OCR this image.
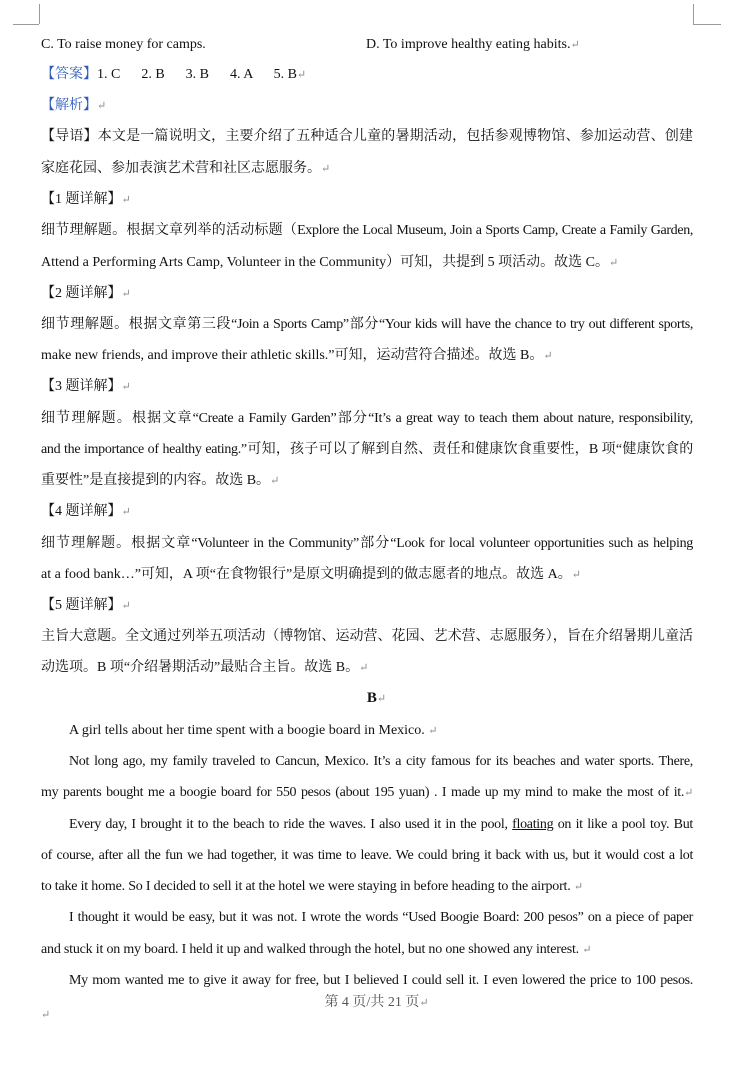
C. To raise money for camps.	D. To improve healthy eating habits.↵
【答案】1. C      2. B      3. B      4. A      5. B↵
【解析】↵
【导语】本文是一篇说明文，主要介绍了五种适合儿童的暑期活动，包括参观博物馆、参加运动营、创建
家庭花园、参加表演艺术营和社区志愿服务。↵
【1 题详解】↵
细节理解题。根据文章列举的活动标题（Explore the Local Museum, Join a Sports Camp, Create a Family Garden,
Attend a Performing Arts Camp, Volunteer in the Community）可知，共提到 5 项活动。故选 C。↵
【2 题详解】↵
细节理解题。根据文章第三段“Join a Sports Camp”部分“Your kids will have the chance to try out different sports,
make new friends, and improve their athletic skills.”可知，运动营符合描述。故选 B。↵
【3 题详解】↵
细节理解题。根据文章“Create a Family Garden”部分“It’s a great way to teach them about nature, responsibility,
and the importance of healthy eating.”可知，孩子可以了解到自然、责任和健康饮食重要性，B 项“健康饮食的
重要性”是直接提到的内容。故选 B。↵
【4 题详解】↵
细节理解题。根据文章“Volunteer in the Community”部分“Look for local volunteer opportunities such as helping
at a food bank…”可知，A 项“在食物银行”是原文明确提到的做志愿者的地点。故选 A。↵
【5 题详解】↵
主旨大意题。全文通过列举五项活动（博物馆、运动营、花园、艺术营、志愿服务），旨在介绍暑期儿童活
动选项。B 项“介绍暑期活动”最贴合主旨。故选 B。↵
B↵
A girl tells about her time spent with a boogie board in Mexico. ↵
Not long ago, my family traveled to Cancun, Mexico. It’s a city famous for its beaches and water sports. There,
my parents bought me a boogie board for 550 pesos (about 195 yuan) . I made up my mind to make the most of it.↵
Every day, I brought it to the beach to ride the waves. I also used it in the pool, floating on it like a pool toy. But
of course, after all the fun we had together, it was time to leave. We could bring it back with us, but it would cost a lot
to take it home. So I decided to sell it at the hotel we were staying in before heading to the airport. ↵
I thought it would be easy, but it was not. I wrote the words “Used Boogie Board: 200 pesos” on a piece of paper
and stuck it on my board. I held it up and walked through the hotel, but no one showed any interest. ↵
My mom wanted me to give it away for free, but I believed I could sell it. I even lowered the price to 100 pesos.
第 4 页/共 21 页↵
↵
